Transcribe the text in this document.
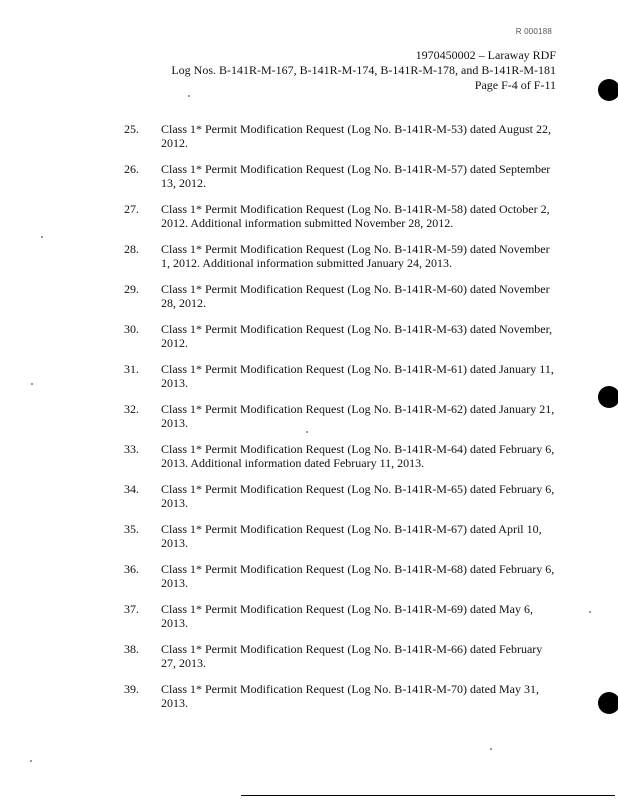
R 000188
1970450002 – Laraway RDF
Log Nos. B-141R-M-167, B-141R-M-174, B-141R-M-178, and B-141R-M-181
Page F-4 of F-11
25.	Class 1* Permit Modification Request (Log No. B-141R-M-53) dated August 22,
2012.
26.	Class 1* Permit Modification Request (Log No. B-141R-M-57) dated September
13, 2012.
27.	Class 1* Permit Modification Request (Log No. B-141R-M-58) dated October 2,
2012. Additional information submitted November 28, 2012.
28.	Class 1* Permit Modification Request (Log No. B-141R-M-59) dated November
1, 2012. Additional information submitted January 24, 2013.
29.	Class 1* Permit Modification Request (Log No. B-141R-M-60) dated November
28, 2012.
30.	Class 1* Permit Modification Request (Log No. B-141R-M-63) dated November,
2012.
31.	Class 1* Permit Modification Request (Log No. B-141R-M-61) dated January 11,
2013.
32.	Class 1* Permit Modification Request (Log No. B-141R-M-62) dated January 21,
2013.
33.	Class 1* Permit Modification Request (Log No. B-141R-M-64) dated February 6,
2013. Additional information dated February 11, 2013.
34.	Class 1* Permit Modification Request (Log No. B-141R-M-65) dated February 6,
2013.
35.	Class 1* Permit Modification Request (Log No. B-141R-M-67) dated April 10,
2013.
36.	Class 1* Permit Modification Request (Log No. B-141R-M-68) dated February 6,
2013.
37.	Class 1* Permit Modification Request (Log No. B-141R-M-69) dated May 6,
2013.
38.	Class 1* Permit Modification Request (Log No. B-141R-M-66) dated February
27, 2013.
39.	Class 1* Permit Modification Request (Log No. B-141R-M-70) dated May 31,
2013.
